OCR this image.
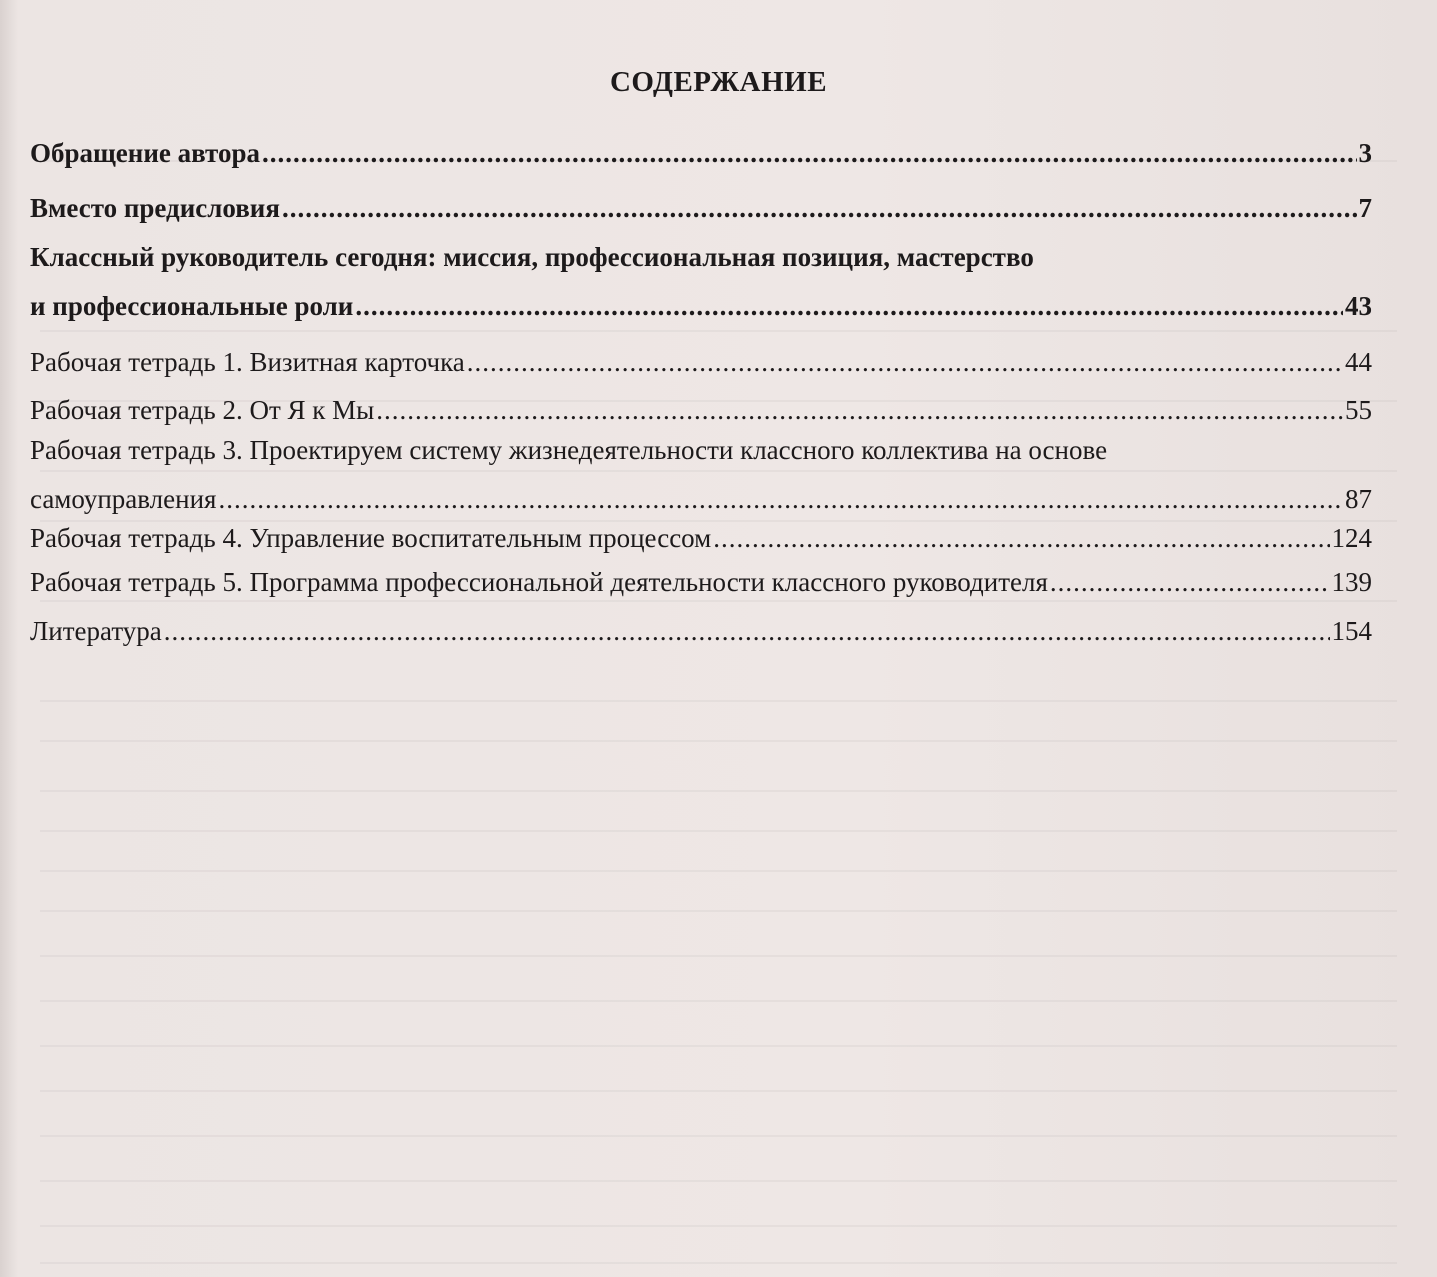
СОДЕРЖАНИЕ
Обращение автора .....	3
Вместо предисловия .....	7
Классный руководитель сегодня: миссия, профессиональная позиция, мастерство
и профессиональные роли .....	43
Рабочая тетрадь 1. Визитная карточка .....	44
Рабочая тетрадь 2. От Я к Мы .....	55
Рабочая тетрадь 3. Проектируем систему жизнедеятельности классного коллектива на основе
самоуправления .....	87
Рабочая тетрадь 4. Управление воспитательным процессом .....	124
Рабочая тетрадь 5. Программа профессиональной деятельности классного руководителя .....	139
Литература .....	154
